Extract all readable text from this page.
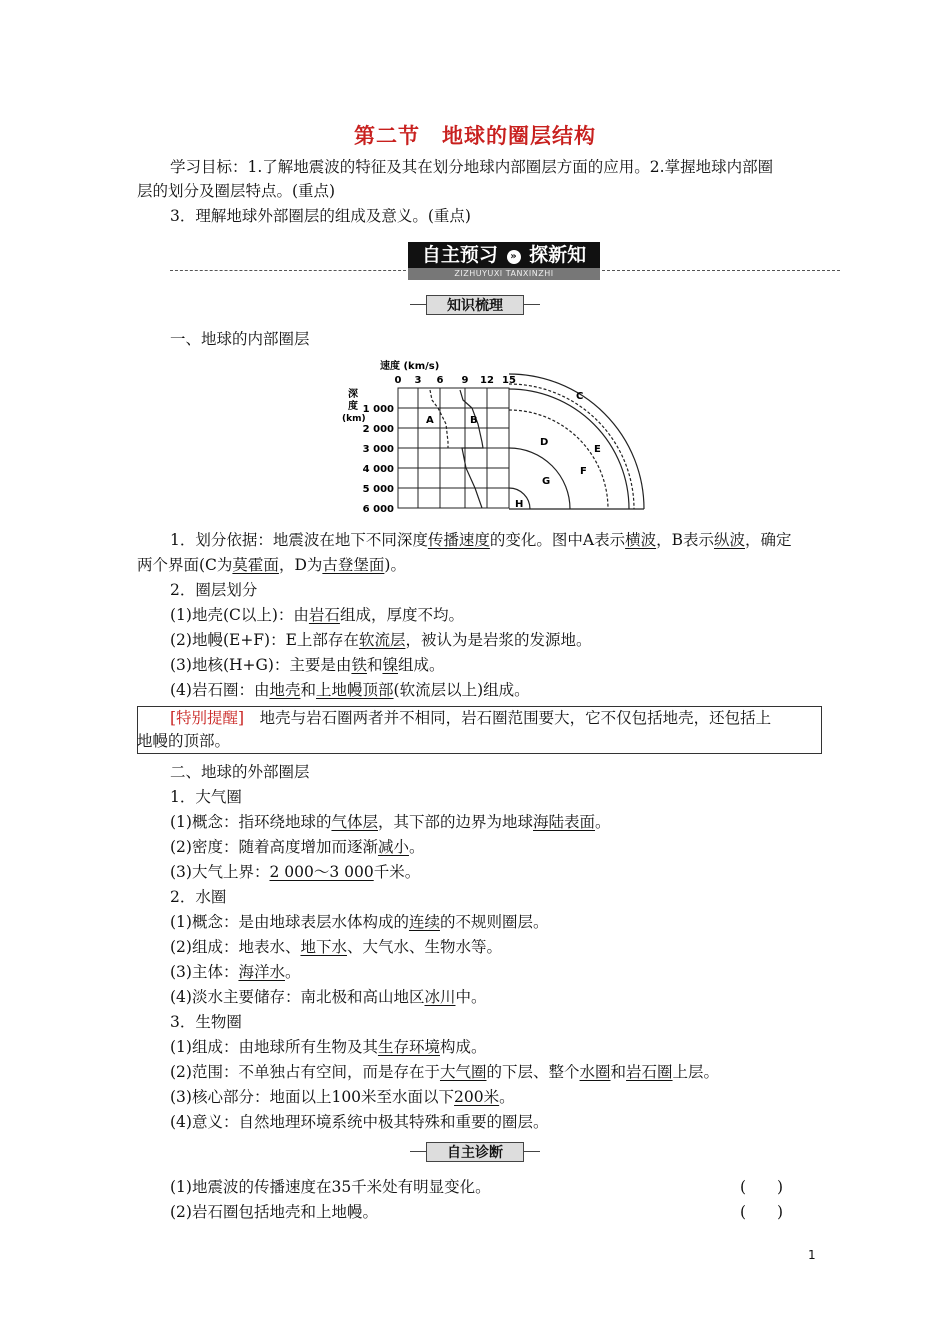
第二节　地球的圈层结构
学习目标：1.了解地震波的特征及其在划分地球内部圈层方面的应用。2.掌握地球内部圈
层的划分及圈层特点。(重点)
3．理解地球外部圈层的组成及意义。(重点)
自主预习 » 探新知
ZIZHUYUXI TANXINZHI
知识梳理
一、地球的内部圈层
速度 (km/s)
0 3 6 9 12 15
深
度
(km)
1 000
2 000
3 000
4 000
5 000
6 000
A	B
C
D
E
F
G
H
1．划分依据：地震波在地下不同深度传播速度的变化。图中A表示横波，B表示纵波，确定
两个界面(C为莫霍面，D为古登堡面)。
2．圈层划分
(1)地壳(C以上)：由岩石组成，厚度不均。
(2)地幔(E+F)：E上部存在软流层，被认为是岩浆的发源地。
(3)地核(H+G)：主要是由铁和镍组成。
(4)岩石圈：由地壳和上地幔顶部(软流层以上)组成。
[特别提醒]　地壳与岩石圈两者并不相同，岩石圈范围要大，它不仅包括地壳，还包括上
地幔的顶部。
二、地球的外部圈层
1．大气圈
(1)概念：指环绕地球的气体层，其下部的边界为地球海陆表面。
(2)密度：随着高度增加而逐渐减小。
(3)大气上界：2 000～3 000千米。
2．水圈
(1)概念：是由地球表层水体构成的连续的不规则圈层。
(2)组成：地表水、地下水、大气水、生物水等。
(3)主体：海洋水。
(4)淡水主要储存：南北极和高山地区冰川中。
3．生物圈
(1)组成：由地球所有生物及其生存环境构成。
(2)范围：不单独占有空间，而是存在于大气圈的下层、整个水圈和岩石圈上层。
(3)核心部分：地面以上100米至水面以下200米。
(4)意义：自然地理环境系统中极其特殊和重要的圈层。
自主诊断
(1)地震波的传播速度在35千米处有明显变化。	(　　)
(2)岩石圈包括地壳和上地幔。	(　　)
1
